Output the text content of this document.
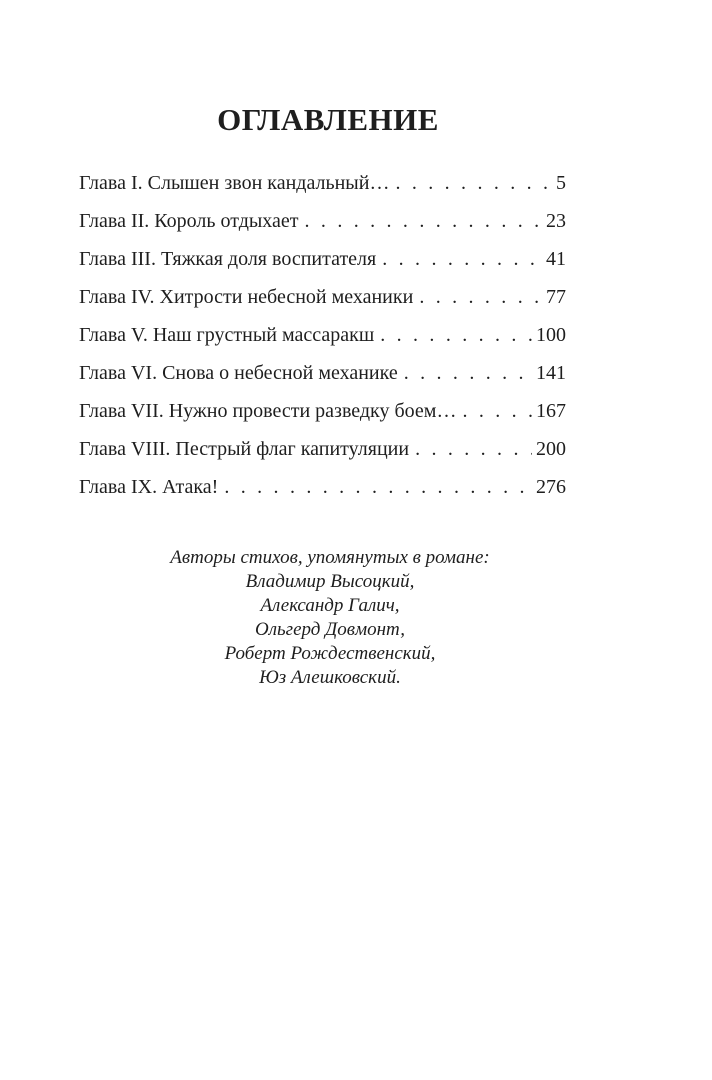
ОГЛАВЛЕНИЕ
Глава I. Слышен звон кандальный… . . .	5
Глава II. Король отдыхает . . .	23
Глава III. Тяжкая доля воспитателя . . .	41
Глава IV. Хитрости небесной механики . . .	77
Глава V. Наш грустный массаракш . . .	100
Глава VI. Снова о небесной механике . . .	141
Глава VII. Нужно провести разведку боем… . . .	167
Глава VIII. Пестрый флаг капитуляции . . .	200
Глава IX. Атака! . . .	276
Авторы стихов, упомянутых в романе:
Владимир Высоцкий,
Александр Галич,
Ольгерд Довмонт,
Роберт Рождественский,
Юз Алешковский.
